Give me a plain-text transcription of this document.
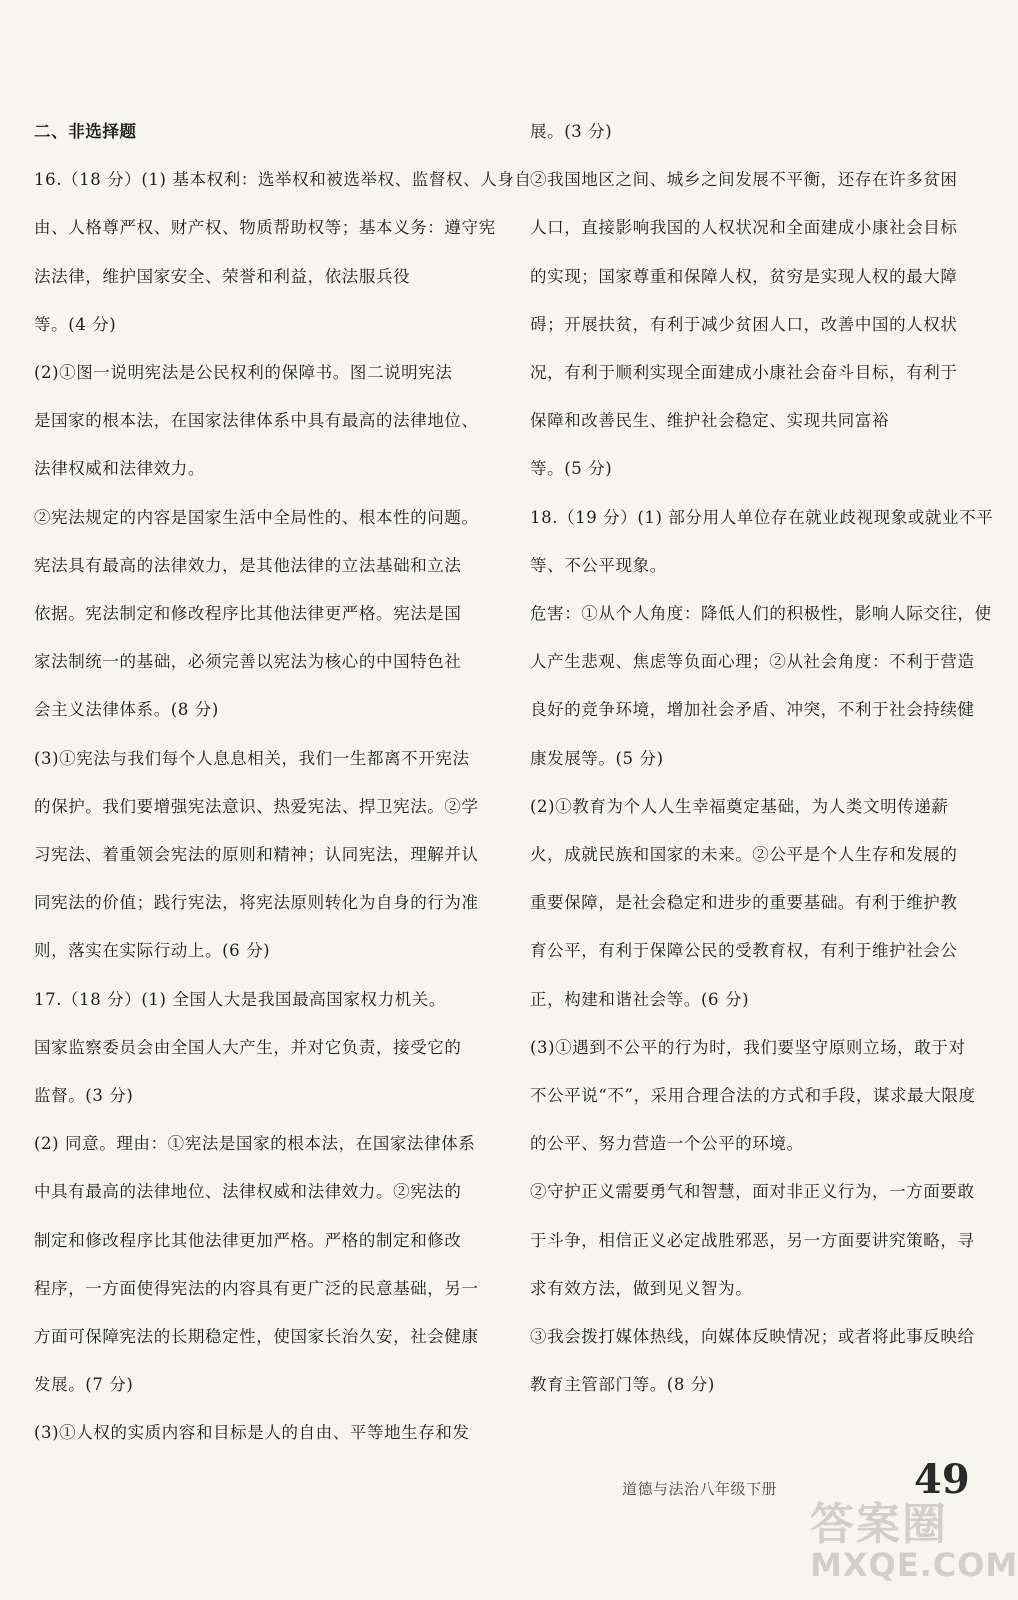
二、非选择题
16.（18 分）(1) 基本权利：选举权和被选举权、监督权、人身自
由、人格尊严权、财产权、物质帮助权等；基本义务：遵守宪
法法律，维护国家安全、荣誉和利益，依法服兵役
等。(4 分)
(2)①图一说明宪法是公民权利的保障书。图二说明宪法
是国家的根本法，在国家法律体系中具有最高的法律地位、
法律权威和法律效力。
②宪法规定的内容是国家生活中全局性的、根本性的问题。
宪法具有最高的法律效力，是其他法律的立法基础和立法
依据。宪法制定和修改程序比其他法律更严格。宪法是国
家法制统一的基础，必须完善以宪法为核心的中国特色社
会主义法律体系。(8 分)
(3)①宪法与我们每个人息息相关，我们一生都离不开宪法
的保护。我们要增强宪法意识、热爱宪法、捍卫宪法。②学
习宪法、着重领会宪法的原则和精神；认同宪法，理解并认
同宪法的价值；践行宪法，将宪法原则转化为自身的行为准
则，落实在实际行动上。(6 分)
17.（18 分）(1) 全国人大是我国最高国家权力机关。
国家监察委员会由全国人大产生，并对它负责，接受它的
监督。(3 分)
(2) 同意。理由：①宪法是国家的根本法，在国家法律体系
中具有最高的法律地位、法律权威和法律效力。②宪法的
制定和修改程序比其他法律更加严格。严格的制定和修改
程序，一方面使得宪法的内容具有更广泛的民意基础，另一
方面可保障宪法的长期稳定性，使国家长治久安，社会健康
发展。(7 分)
(3)①人权的实质内容和目标是人的自由、平等地生存和发
展。(3 分)
②我国地区之间、城乡之间发展不平衡，还存在许多贫困
人口，直接影响我国的人权状况和全面建成小康社会目标
的实现；国家尊重和保障人权，贫穷是实现人权的最大障
碍；开展扶贫，有利于减少贫困人口，改善中国的人权状
况，有利于顺利实现全面建成小康社会奋斗目标，有利于
保障和改善民生、维护社会稳定、实现共同富裕
等。(5 分)
18.（19 分）(1) 部分用人单位存在就业歧视现象或就业不平
等、不公平现象。
危害：①从个人角度：降低人们的积极性，影响人际交往，使
人产生悲观、焦虑等负面心理；②从社会角度：不利于营造
良好的竞争环境，增加社会矛盾、冲突，不利于社会持续健
康发展等。(5 分)
(2)①教育为个人人生幸福奠定基础，为人类文明传递薪
火，成就民族和国家的未来。②公平是个人生存和发展的
重要保障，是社会稳定和进步的重要基础。有利于维护教
育公平，有利于保障公民的受教育权，有利于维护社会公
正，构建和谐社会等。(6 分)
(3)①遇到不公平的行为时，我们要坚守原则立场，敢于对
不公平说“不”，采用合理合法的方式和手段，谋求最大限度
的公平、努力营造一个公平的环境。
②守护正义需要勇气和智慧，面对非正义行为，一方面要敢
于斗争，相信正义必定战胜邪恶，另一方面要讲究策略，寻
求有效方法，做到见义智为。
③我会拨打媒体热线，向媒体反映情况；或者将此事反映给
教育主管部门等。(8 分)
道德与法治八年级下册	49
答案圈
MXQE.COM
